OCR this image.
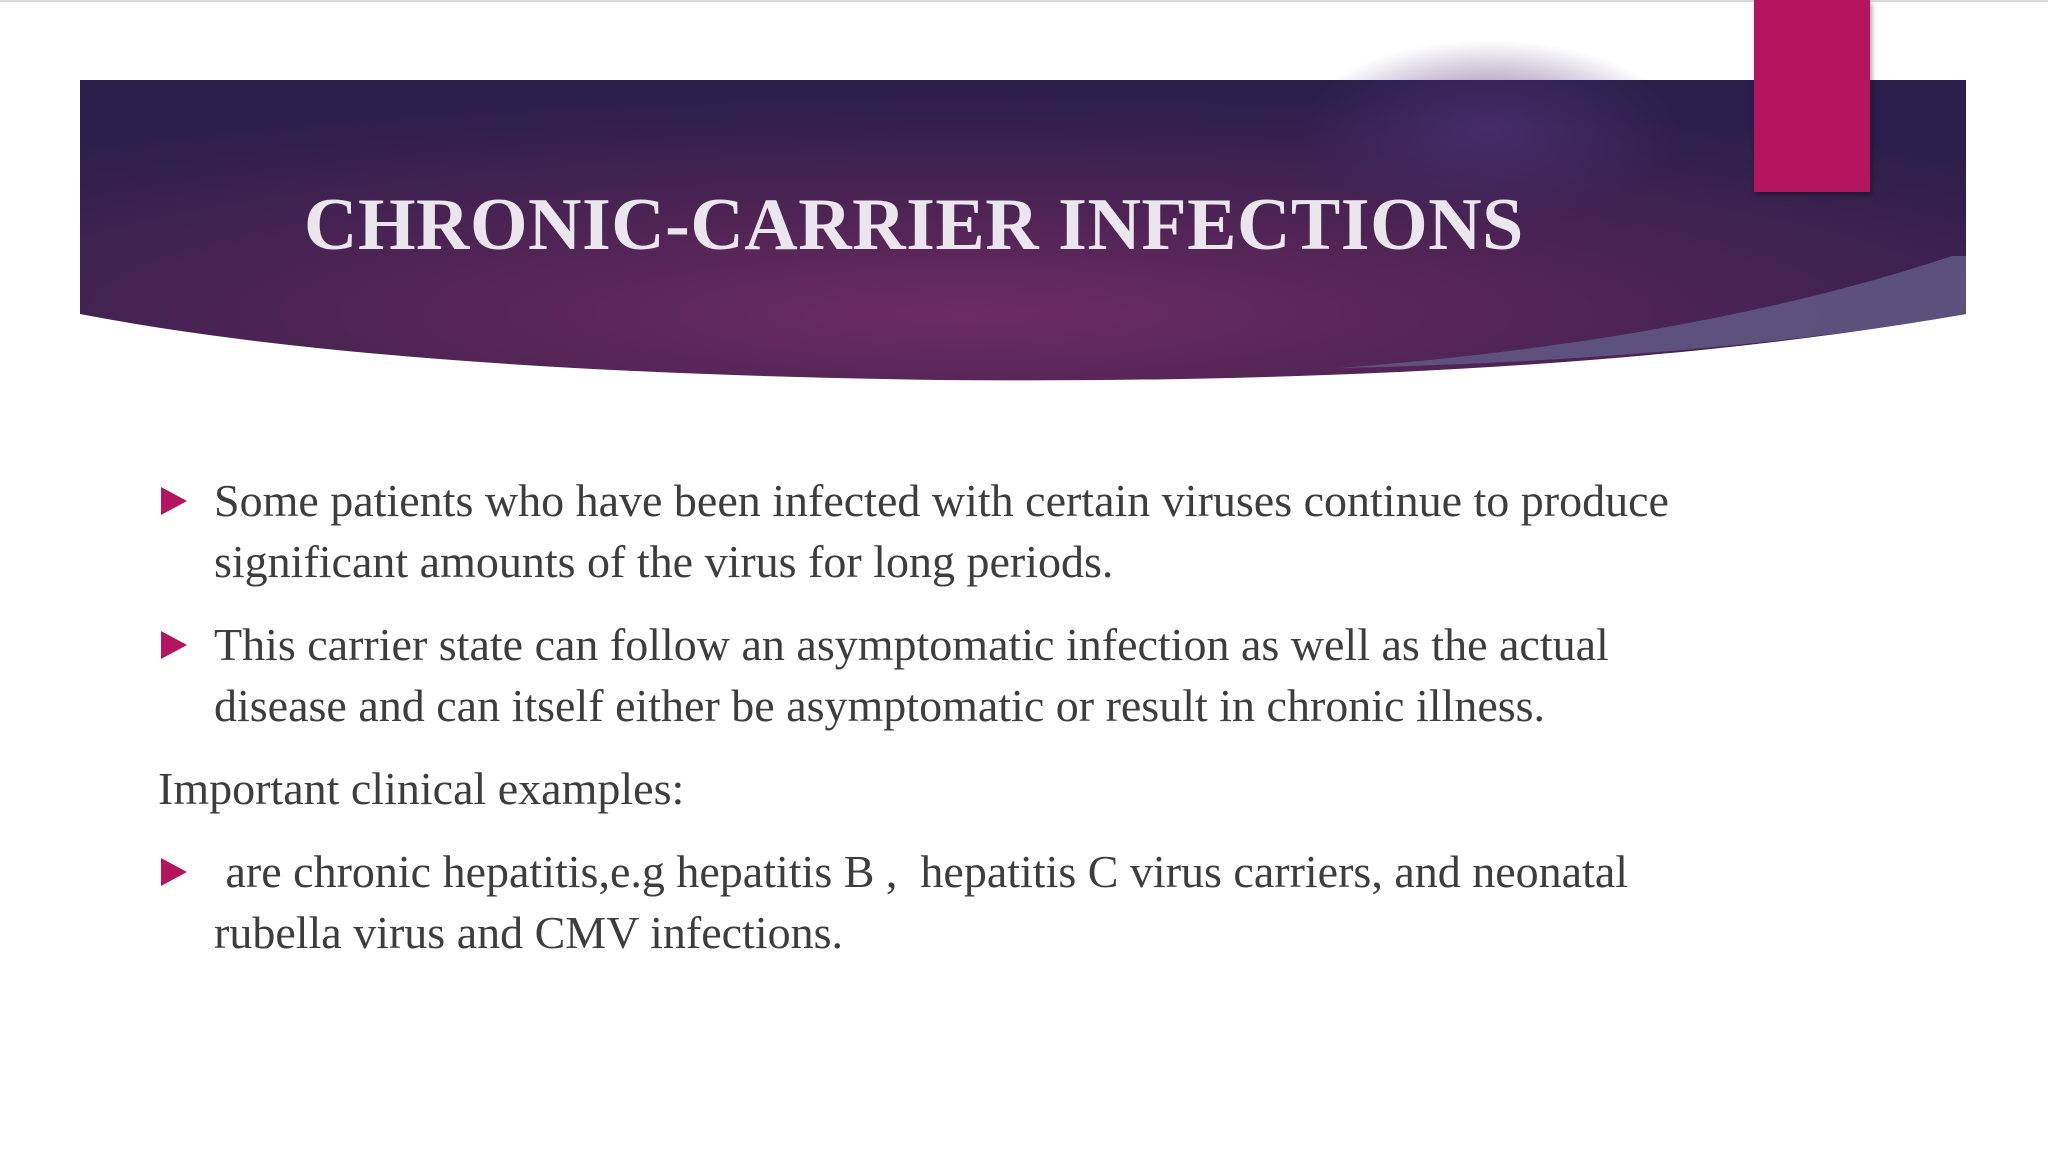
CHRONIC-CARRIER INFECTIONS
Some patients who have been infected with certain viruses continue to produce
significant amounts of the virus for long periods.
This carrier state can follow an asymptomatic infection as well as the actual
disease and can itself either be asymptomatic or result in chronic illness.
Important clinical examples:
are chronic hepatitis,e.g hepatitis B ,  hepatitis C virus carriers, and neonatal
rubella virus and CMV infections.
